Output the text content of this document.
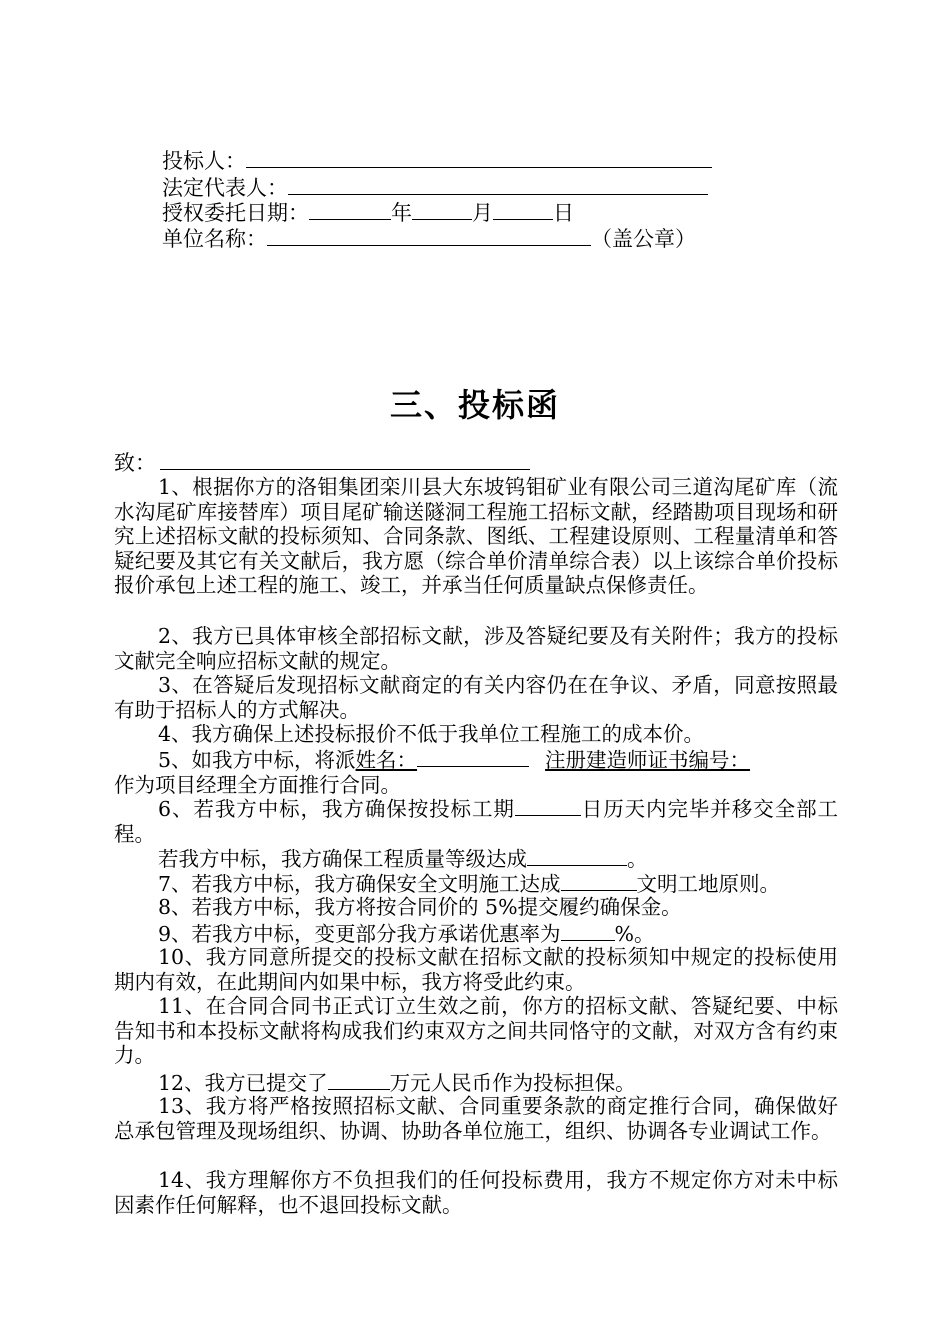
投标人：
法定代表人：
授权委托日期：	年	月	日
单位名称：	（盖公章）
三、投标函
致：
1、根据你方的洛钼集团栾川县大东坡钨钼矿业有限公司三道沟尾矿库（流水沟尾矿库接替库）项目尾矿输送隧洞工程施工招标文献，经踏勘项目现场和研究上述招标文献的投标须知、合同条款、图纸、工程建设原则、工程量清单和答疑纪要及其它有关文献后，我方愿（综合单价清单综合表）以上该综合单价投标报价承包上述工程的施工、竣工，并承当任何质量缺点保修责任。
2、我方已具体审核全部招标文献，涉及答疑纪要及有关附件；我方的投标文献完全响应招标文献的规定。
3、在答疑后发现招标文献商定的有关内容仍在在争议、矛盾，同意按照最有助于招标人的方式解决。
4、我方确保上述投标报价不低于我单位工程施工的成本价。
5、如我方中标，将派姓名：	注册建造师证书编号：
作为项目经理全方面推行合同。
6、若我方中标，我方确保按投标工期	日历天内完毕并移交全部工程。
若我方中标，我方确保工程质量等级达成	。
7、若我方中标，我方确保安全文明施工达成	文明工地原则。
8、若我方中标，我方将按合同价的 5%提交履约确保金。
9、若我方中标，变更部分我方承诺优惠率为	%。
10、我方同意所提交的投标文献在招标文献的投标须知中规定的投标使用期内有效，在此期间内如果中标，我方将受此约束。
11、在合同合同书正式订立生效之前，你方的招标文献、答疑纪要、中标告知书和本投标文献将构成我们约束双方之间共同恪守的文献，对双方含有约束力。
12、我方已提交了	万元人民币作为投标担保。
13、我方将严格按照招标文献、合同重要条款的商定推行合同，确保做好总承包管理及现场组织、协调、协助各单位施工，组织、协调各专业调试工作。
14、我方理解你方不负担我们的任何投标费用，我方不规定你方对未中标因素作任何解释，也不退回投标文献。
